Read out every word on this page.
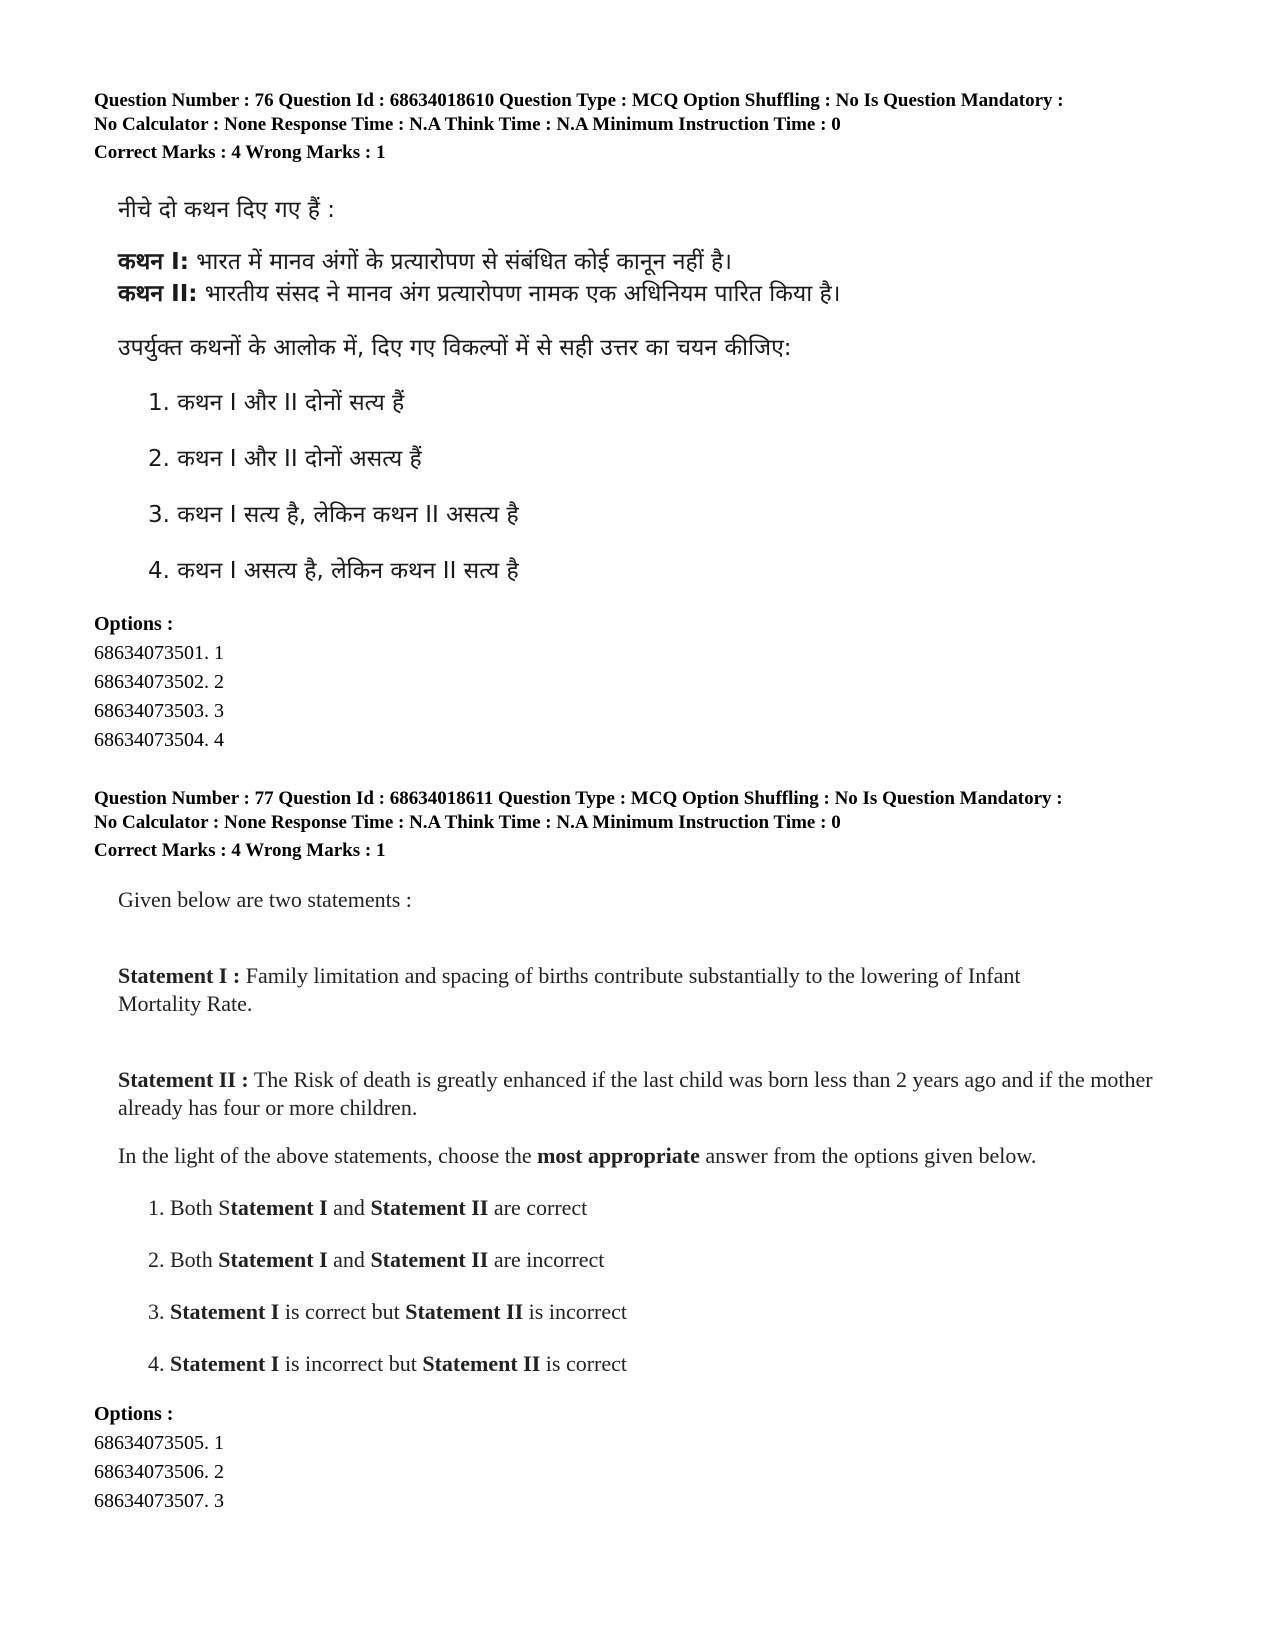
Question Number : 76 Question Id : 68634018610 Question Type : MCQ Option Shuffling : No Is Question Mandatory :

No Calculator : None Response Time : N.A Think Time : N.A Minimum Instruction Time : 0

Correct Marks : 4 Wrong Marks : 1

नीचे दो कथन दिए गए हैं :

कथन I: भारत में मानव अंगों के प्रत्यारोपण से संबंधित कोई कानून नहीं है।

कथन II: भारतीय संसद ने मानव अंग प्रत्यारोपण नामक एक अधिनियम पारित किया है।

उपर्युक्त कथनों के आलोक में, दिए गए विकल्पों में से सही उत्तर का चयन कीजिए:

1. कथन I और II दोनों सत्य हैं

2. कथन I और II दोनों असत्य हैं

3. कथन I सत्य है, लेकिन कथन II असत्य है

4. कथन I असत्य है, लेकिन कथन II सत्य है

Options :

68634073501. 1

68634073502. 2

68634073503. 3

68634073504. 4

Question Number : 77 Question Id : 68634018611 Question Type : MCQ Option Shuffling : No Is Question Mandatory :

No Calculator : None Response Time : N.A Think Time : N.A Minimum Instruction Time : 0

Correct Marks : 4 Wrong Marks : 1

Given below are two statements :

Statement I : Family limitation and spacing of births contribute substantially to the lowering of Infant Mortality Rate.

Statement II : The Risk of death is greatly enhanced if the last child was born less than 2 years ago and if the mother already has four or more children.

In the light of the above statements, choose the most appropriate answer from the options given below.

1. Both Statement I and Statement II are correct

2. Both Statement I and Statement II are incorrect

3. Statement I is correct but Statement II is incorrect

4. Statement I is incorrect but Statement II is correct

Options :

68634073505. 1

68634073506. 2

68634073507. 3
